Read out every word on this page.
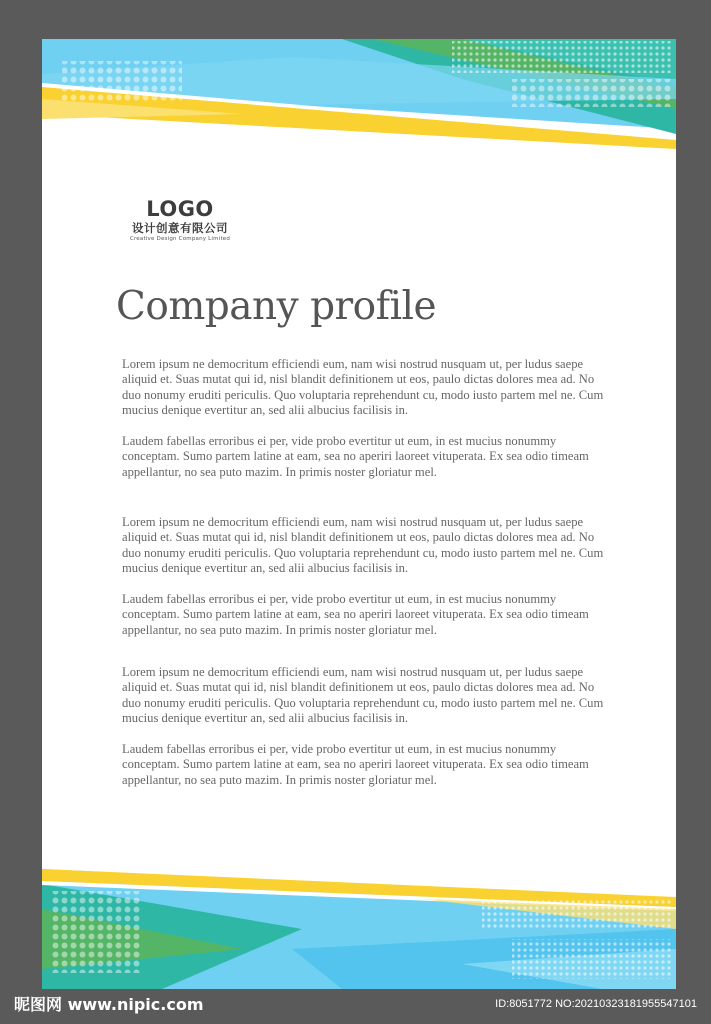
LOGO
设计创意有限公司
Creative Design Company Limited
Company profile

Lorem ipsum ne democritum efficiendi eum, nam wisi nostrud nusquam ut, per ludus saepe aliquid et. Suas mutat qui id, nisl blandit definitionem ut eos, paulo dictas dolores mea ad. No duo nonumy eruditi periculis. Quo voluptaria reprehendunt cu, modo iusto partem mel ne. Cum mucius denique evertitur an, sed alii albucius facilisis in.

Laudem fabellas erroribus ei per, vide probo evertitur ut eum, in est mucius nonummy conceptam. Sumo partem latine at eam, sea no aperiri laoreet vituperata. Ex sea odio timeam appellantur, no sea puto mazim. In primis noster gloriatur mel.

Lorem ipsum ne democritum efficiendi eum, nam wisi nostrud nusquam ut, per ludus saepe aliquid et. Suas mutat qui id, nisl blandit definitionem ut eos, paulo dictas dolores mea ad. No duo nonumy eruditi periculis. Quo voluptaria reprehendunt cu, modo iusto partem mel ne. Cum mucius denique evertitur an, sed alii albucius facilisis in.

Laudem fabellas erroribus ei per, vide probo evertitur ut eum, in est mucius nonummy conceptam. Sumo partem latine at eam, sea no aperiri laoreet vituperata. Ex sea odio timeam appellantur, no sea puto mazim. In primis noster gloriatur mel.

Lorem ipsum ne democritum efficiendi eum, nam wisi nostrud nusquam ut, per ludus saepe aliquid et. Suas mutat qui id, nisl blandit definitionem ut eos, paulo dictas dolores mea ad. No duo nonumy eruditi periculis. Quo voluptaria reprehendunt cu, modo iusto partem mel ne. Cum mucius denique evertitur an, sed alii albucius facilisis in.

Laudem fabellas erroribus ei per, vide probo evertitur ut eum, in est mucius nonummy conceptam. Sumo partem latine at eam, sea no aperiri laoreet vituperata. Ex sea odio timeam appellantur, no sea puto mazim. In primis noster gloriatur mel.

昵图网 www.nipic.com	ID:8051772 NO:20210323181955547101
